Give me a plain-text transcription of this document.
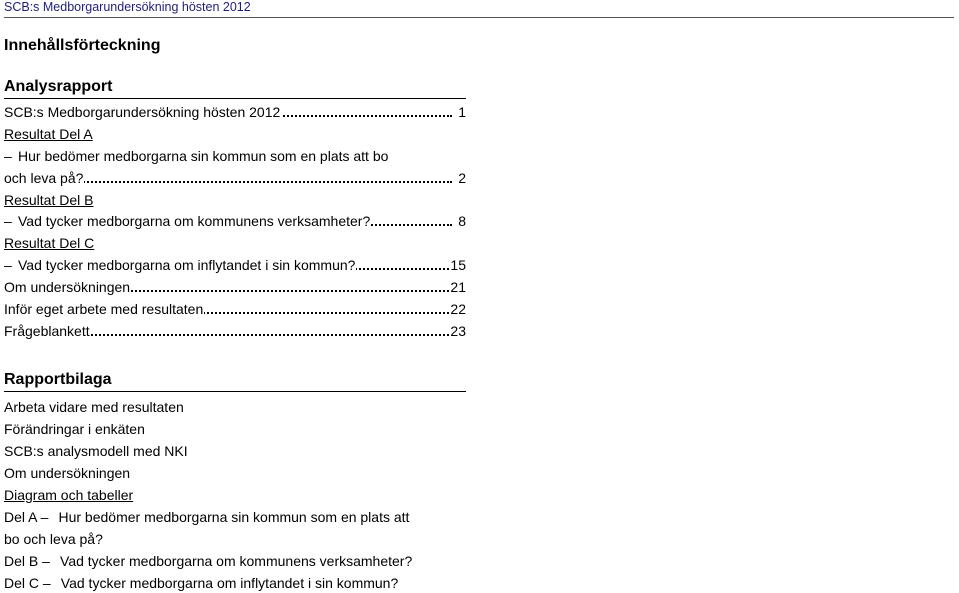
SCB:s Medborgarundersökning hösten 2012
Innehållsförteckning
Analysrapport
SCB:s Medborgarundersökning hösten 2012	1
Resultat Del A
– Hur bedömer medborgarna sin kommun som en plats att bo
och leva på?	2
Resultat Del B
– Vad tycker medborgarna om kommunens verksamheter?	8
Resultat Del C
– Vad tycker medborgarna om inflytandet i sin kommun?	15
Om undersökningen	21
Inför eget arbete med resultaten	22
Frågeblankett	23
Rapportbilaga
Arbeta vidare med resultaten
Förändringar i enkäten
SCB:s analysmodell med NKI
Om undersökningen
Diagram och tabeller
Del A – Hur bedömer medborgarna sin kommun som en plats att
bo och leva på?
Del B – Vad tycker medborgarna om kommunens verksamheter?
Del C – Vad tycker medborgarna om inflytandet i sin kommun?
